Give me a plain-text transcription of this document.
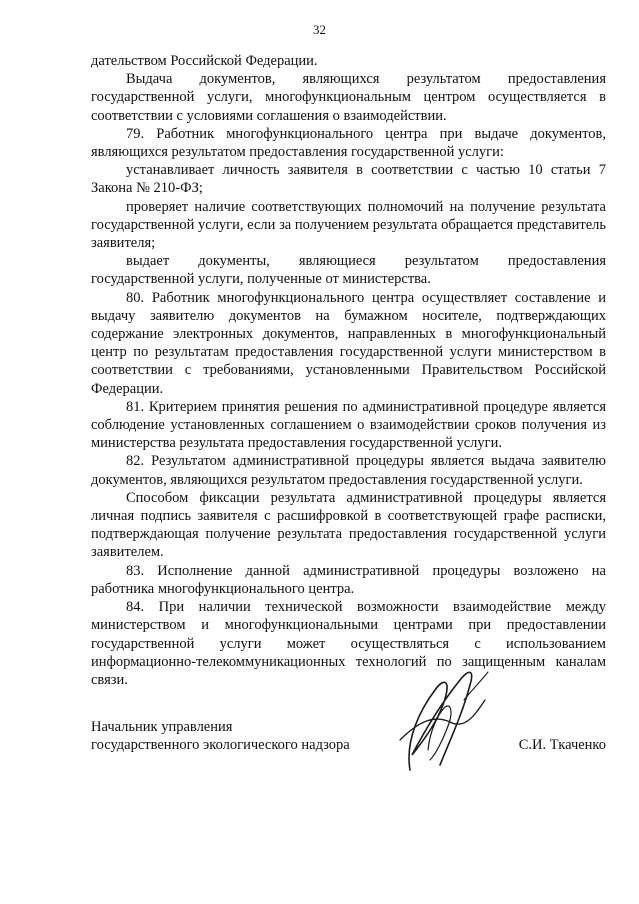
32

дательством Российской Федерации.

Выдача документов, являющихся результатом предоставления государственной услуги, многофункциональным центром осуществляется в соответствии с условиями соглашения о взаимодействии.

79. Работник многофункционального центра при выдаче документов, являющихся результатом предоставления государственной услуги:

устанавливает личность заявителя в соответствии с частью 10 статьи 7 Закона № 210-ФЗ;

проверяет наличие соответствующих полномочий на получение результата государственной услуги, если за получением результата обращается представитель заявителя;

выдает документы, являющиеся результатом предоставления государственной услуги, полученные от министерства.

80. Работник многофункционального центра осуществляет составление и выдачу заявителю документов на бумажном носителе, подтверждающих содержание электронных документов, направленных в многофункциональный центр по результатам предоставления государственной услуги министерством в соответствии с требованиями, установленными Правительством Российской Федерации.

81. Критерием принятия решения по административной процедуре является соблюдение установленных соглашением о взаимодействии сроков получения из министерства результата предоставления государственной услуги.

82. Результатом административной процедуры является выдача заявителю документов, являющихся результатом предоставления государственной услуги.

Способом фиксации результата административной процедуры является личная подпись заявителя с расшифровкой в соответствующей графе расписки, подтверждающая получение результата предоставления государственной услуги заявителем.

83. Исполнение данной административной процедуры возложено на работника многофункционального центра.

84. При наличии технической возможности взаимодействие между министерством и многофункциональными центрами при предоставлении государственной услуги может осуществляться с использованием информационно-телекоммуникационных технологий по защищенным каналам связи.

Начальник управления
государственного экологического надзора	С.И. Ткаченко
